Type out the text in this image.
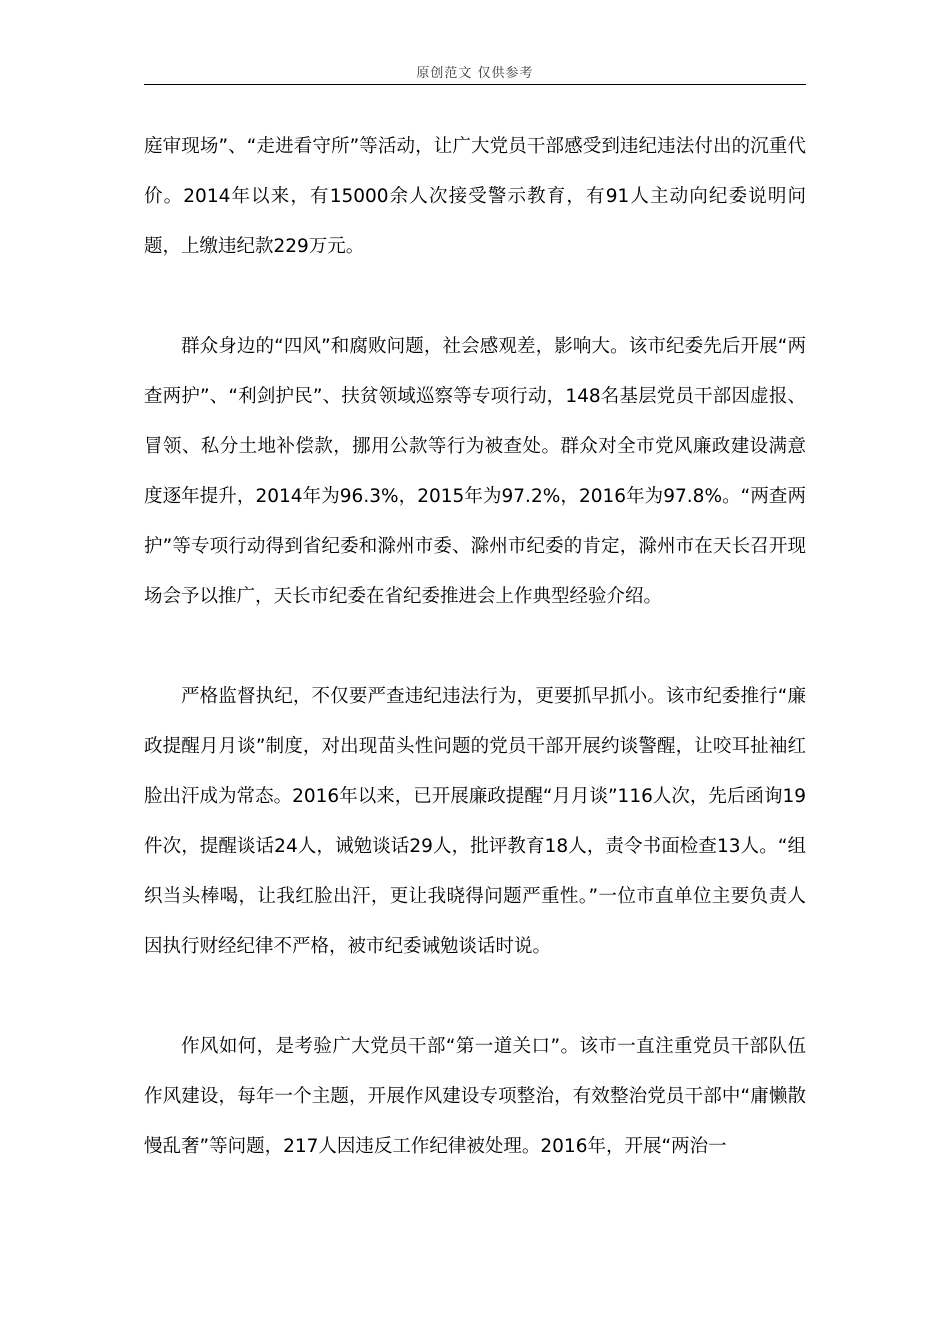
原创范文 仅供参考

庭审现场”、“走进看守所”等活动，让广大党员干部感受到违纪违法付出的沉重代价。2014年以来，有15000余人次接受警示教育，有91人主动向纪委说明问题，上缴违纪款229万元。

群众身边的“四风”和腐败问题，社会感观差，影响大。该市纪委先后开展“两查两护”、“利剑护民”、扶贫领域巡察等专项行动，148名基层党员干部因虚报、冒领、私分土地补偿款，挪用公款等行为被查处。群众对全市党风廉政建设满意度逐年提升，2014年为96.3%，2015年为97.2%，2016年为97.8%。“两查两护”等专项行动得到省纪委和滁州市委、滁州市纪委的肯定，滁州市在天长召开现场会予以推广，天长市纪委在省纪委推进会上作典型经验介绍。

严格监督执纪，不仅要严查违纪违法行为，更要抓早抓小。该市纪委推行“廉政提醒月月谈”制度，对出现苗头性问题的党员干部开展约谈警醒，让咬耳扯袖红脸出汗成为常态。2016年以来，已开展廉政提醒“月月谈”116人次，先后函询19件次，提醒谈话24人，诫勉谈话29人，批评教育18人，责令书面检查13人。“组织当头棒喝，让我红脸出汗，更让我晓得问题严重性。”一位市直单位主要负责人因执行财经纪律不严格，被市纪委诫勉谈话时说。

作风如何，是考验广大党员干部“第一道关口”。该市一直注重党员干部队伍作风建设，每年一个主题，开展作风建设专项整治，有效整治党员干部中“庸懒散慢乱奢”等问题，217人因违反工作纪律被处理。2016年，开展“两治一
